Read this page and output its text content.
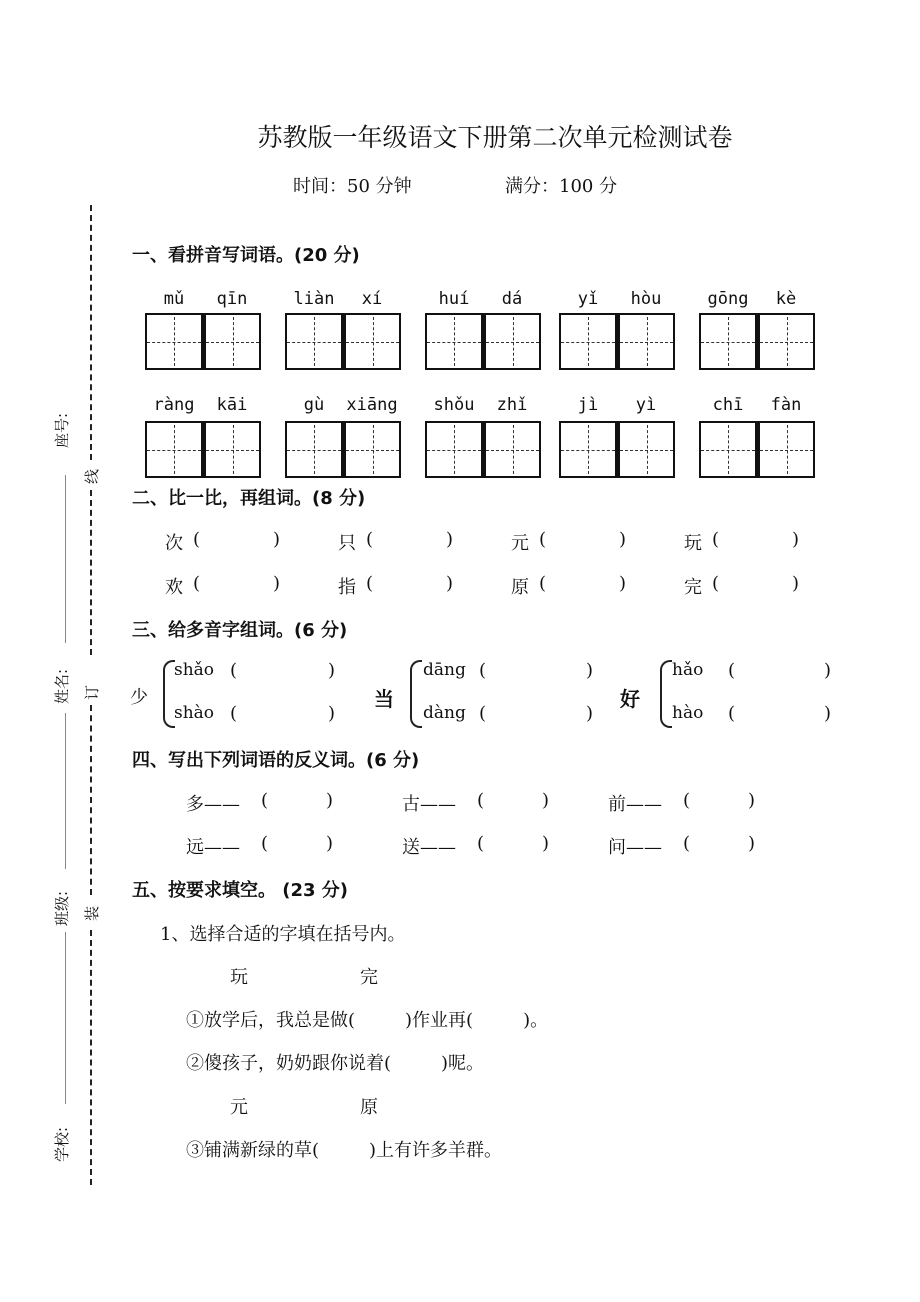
线
订
装
座号:
姓名:
班级:
学校:
苏教版一年级语文下册第二次单元检测试卷
时间：50 分钟	满分：100 分
一、看拼音写词语。(20 分)
mǔ	qīn	liàn	xí	huí	dá	yǐ	hòu	gōng	kè
ràng	kāi	gù	xiāng	shǒu	zhǐ	jì	yì	chī	fàn
二、比一比，再组词。(8 分)
次 (	)	只 (	)	元 (	)	玩 (	)
欢 (	)	指 (	)	原 (	)	完 (	)
三、给多音字组词。(6 分)
少
shǎo (	)
shào (	)
当
dāng (	)
dàng (	)
好
hǎo (	)
hào (	)
四、写出下列词语的反义词。(6 分)
多—— (	)	古—— (	)	前—— (	)
远—— (	)	送—— (	)	问—— (	)
五、按要求填空。 (23 分)
1、选择合适的字填在括号内。
玩	完
①放学后，我总是做(	)作业再(	)。
②傻孩子，奶奶跟你说着(	)呢。
元	原
③铺满新绿的草(	)上有许多羊群。
